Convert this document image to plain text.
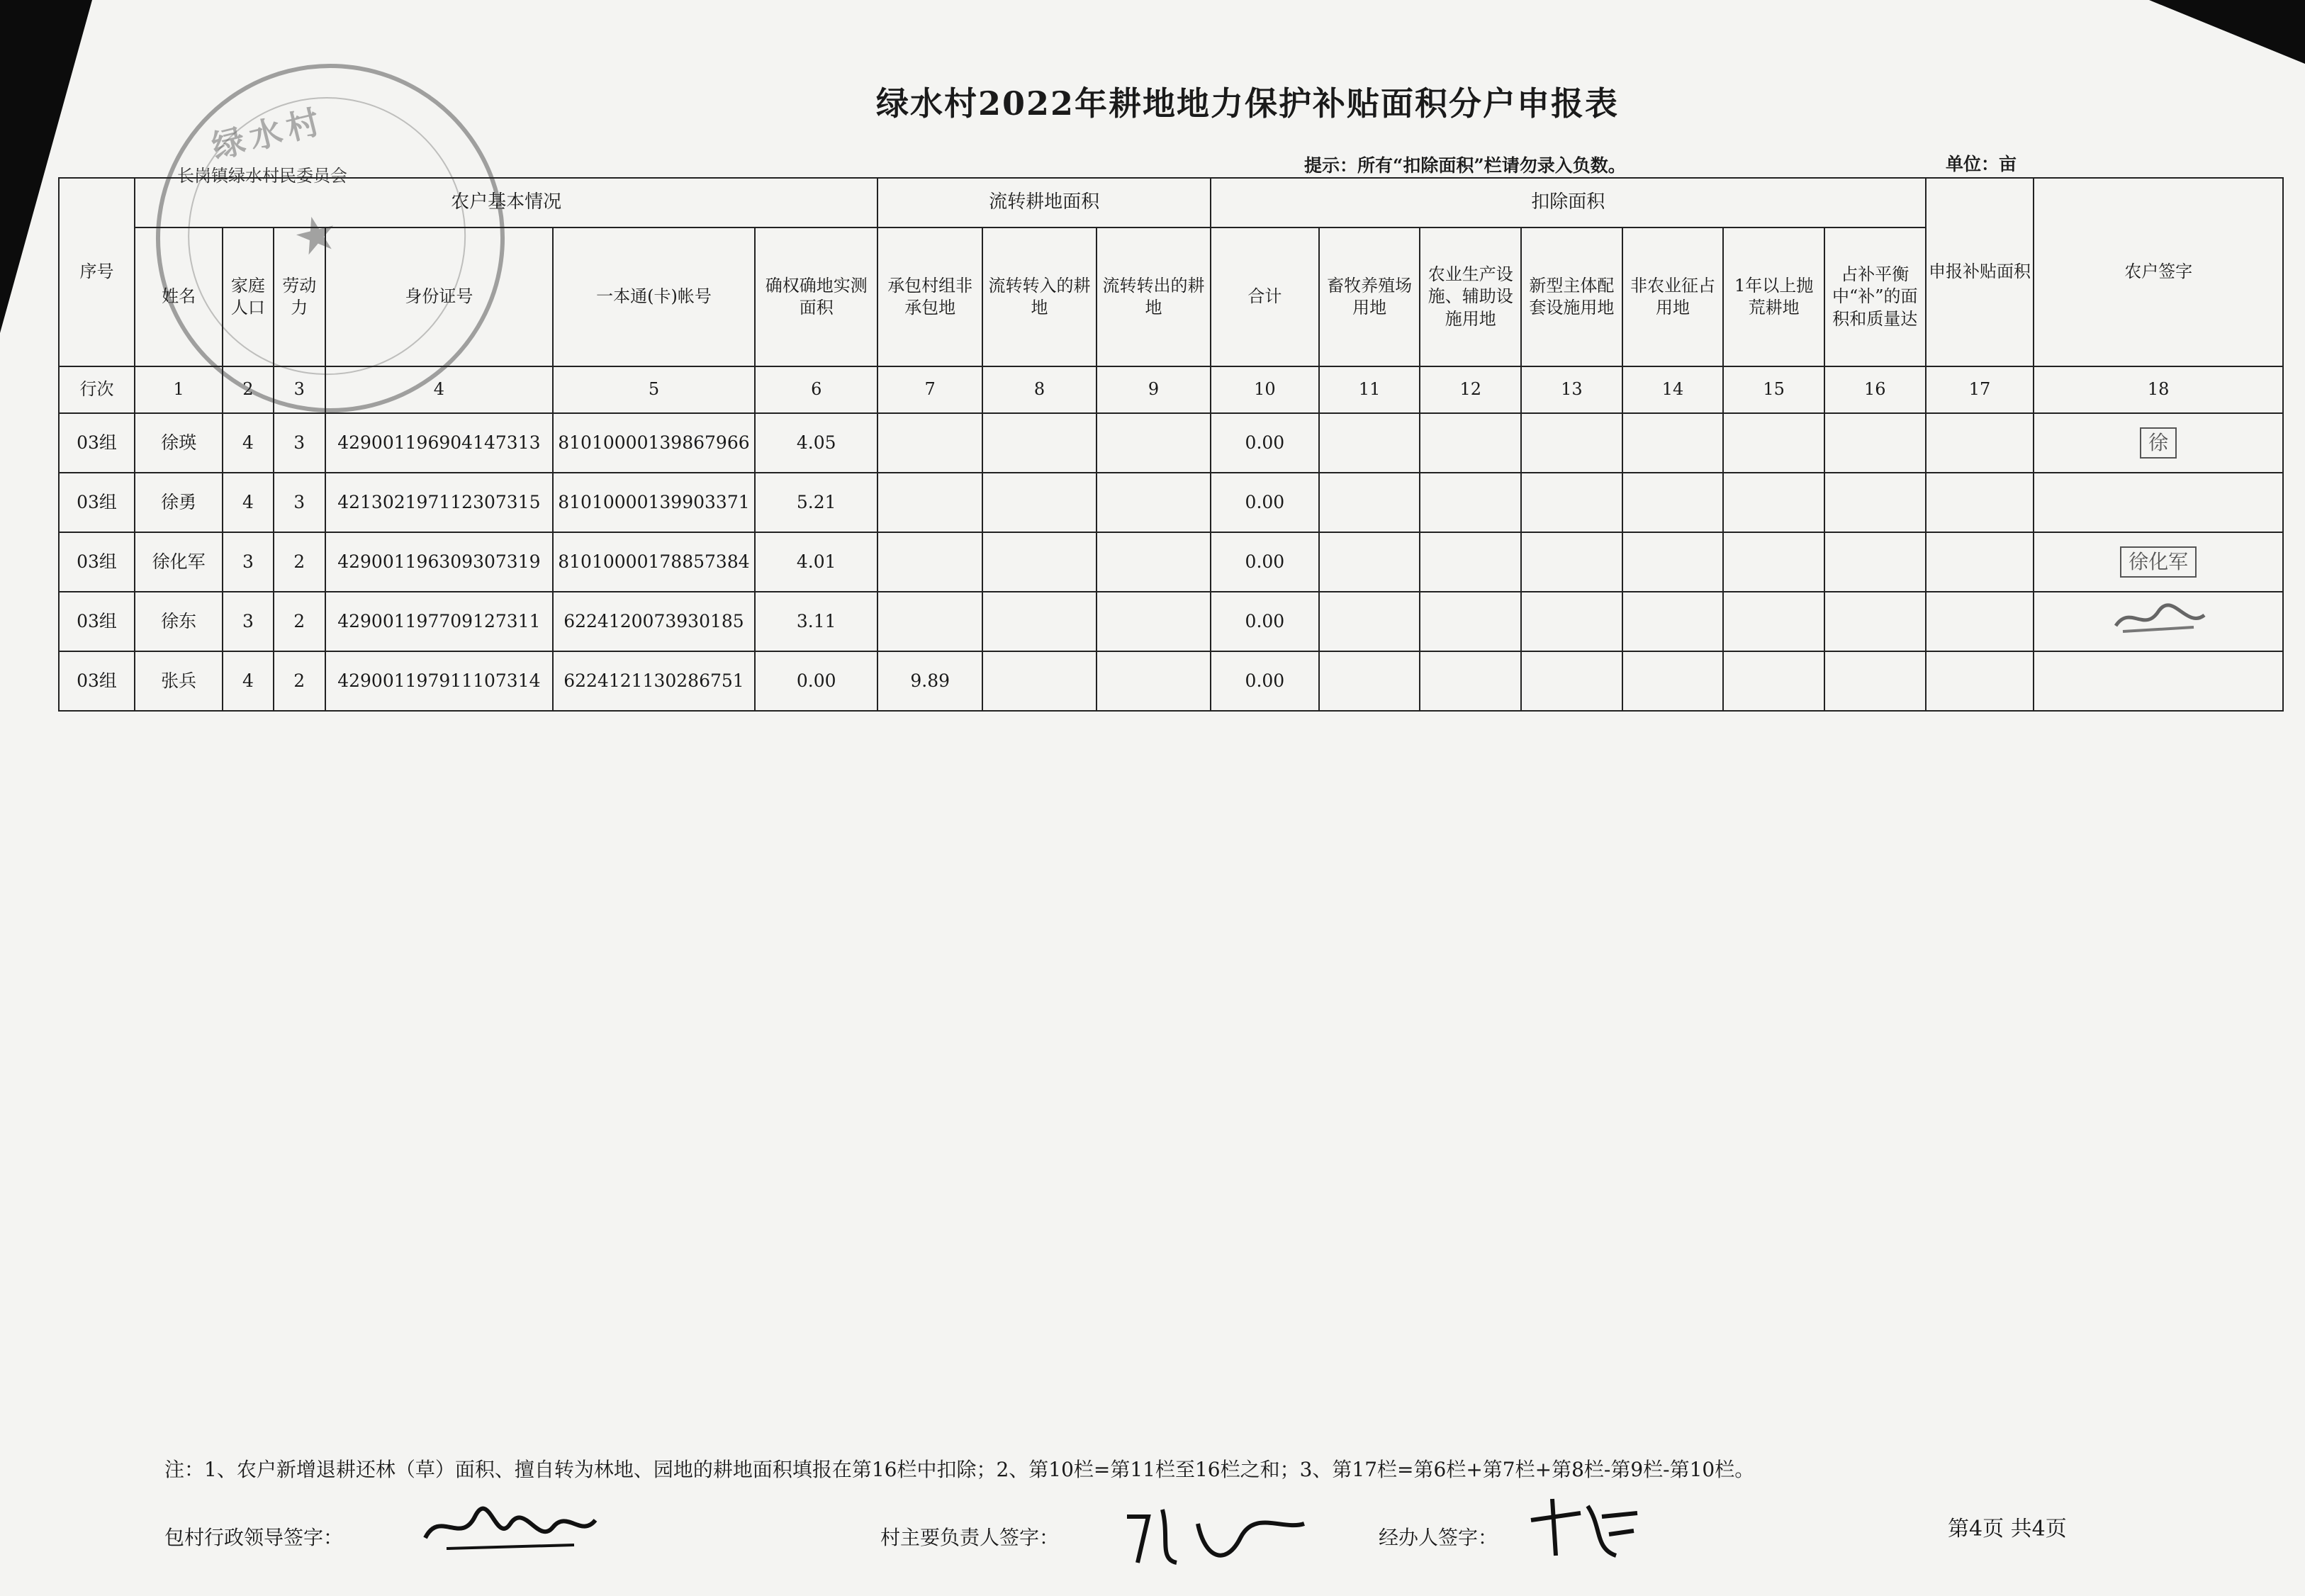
★
绿水村	绿水村2022年耕地地力保护补贴面积分户申报表
长岗镇绿水村民委员会	提示：所有“扣除面积”栏请勿录入负数。	单位：亩
序号	农户基本情况						流转耕地面积			扣除面积							申报补贴面积	农户签字
	姓名	家庭人口	劳动力	身份证号	一本通(卡)帐号	确权确地实测面积	承包村组非承包地	流转转入的耕地	流转转出的耕地	合计	畜牧养殖场用地	农业生产设施、辅助设施用地	新型主体配套设施用地	非农业征占用地	1年以上抛荒耕地	占补平衡中“补”的面积和质量达		
行次	1	2	3	4	5	6	7	8	9	10	11	12	13	14	15	16	17	18
03组	徐瑛	4	3	429001196904147313	81010000139867966	4.05				0.00								徐
03组	徐勇	4	3	421302197112307315	81010000139903371	5.21				0.00								
03组	徐化军	3	2	429001196309307319	81010000178857384	4.01				0.00								徐化军
03组	徐东	3	2	429001197709127311	6224120073930185	3.11				0.00								
03组	张兵	4	2	429001197911107314	6224121130286751	0.00	9.89			0.00								
注：1、农户新增退耕还林（草）面积、擅自转为林地、园地的耕地面积填报在第16栏中扣除；2、第10栏=第11栏至16栏之和；3、第17栏=第6栏+第7栏+第8栏-第9栏-第10栏。
包村行政领导签字：	村主要负责人签字：	经办人签字：	第4页 共4页
